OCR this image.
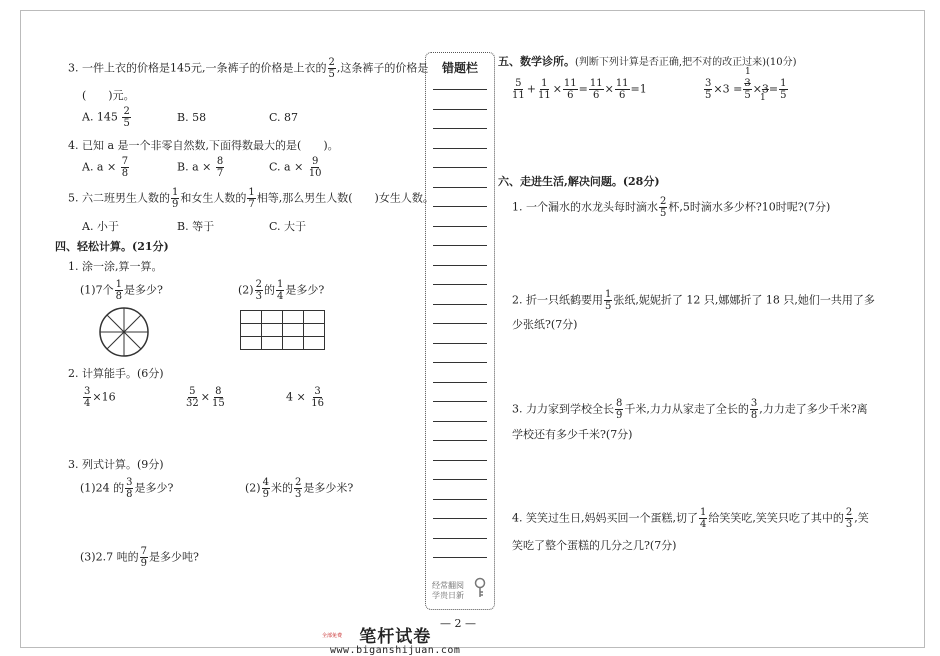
3. 一件上衣的价格是145元,一条裤子的价格是上衣的 $\frac{2}{5}$ ,这条裤子的价格是
(　　)元。
A. $145 \frac{2}{5}$	B. 58	C. 87
4. 已知 a 是一个非零自然数,下面得数最大的是(　　)。
A. $a \times \frac{7}{8}$	B. $a \times \frac{8}{7}$	C. $a \times \frac{9}{10}$
5. 六二班男生人数的 $\frac{1}{9}$ 和女生人数的 $\frac{1}{7}$ 相等,那么男生人数(　　)女生人数。
A. 小于	B. 等于	C. 大于
四、轻松计算。(21分)
1. 涂一涂,算一算。
(1)7个 $\frac{1}{8}$ 是多少?	$(2) \frac{2}{3}$ 的 $\frac{1}{4}$ 是多少?

2. 计算能手。(6分)
$\frac{3}{4} \times 16$	$\frac{5}{32} \times \frac{8}{15}$	$4 \times \frac{3}{16}$
3. 列式计算。(9分)
(1)24 的 $\frac{3}{8}$ 是多少?	$(2) \frac{4}{9}$ 米的 $\frac{2}{3}$ 是多少米?
(3)2.7 吨的 $\frac{7}{9}$ 是多少吨?
错题栏
经常翻阅
学贵日新
五、数学诊所。(判断下列计算是否正确,把不对的改正过来)(10分)
$\frac{5}{11} + \frac{1}{11} \times \frac{11}{6} = \frac{11}{6} \times \frac{11}{6} =1$	$\frac{3}{5} \times 3 = \frac{3}{5} \times 3= \frac{1}{5}$
1
1
六、走进生活,解决问题。(28分)
1. 一个漏水的水龙头每时滴水 $\frac{2}{5}$ 杯,5时滴水多少杯?10时呢?(7分)
2. 折一只纸鹤要用 $\frac{1}{5}$ 张纸,妮妮折了 12 只,娜娜折了 18 只,她们一共用了多
少张纸?(7分)
3. 力力家到学校全长 $\frac{8}{9}$ 千米,力力从家走了全长的 $\frac{3}{8}$ ,力力走了多少千米?离
学校还有多少千米?(7分)
4. 笑笑过生日,妈妈买回一个蛋糕,切了 $\frac{1}{4}$ 给笑笑吃,笑笑只吃了其中的 $\frac{2}{3}$ ,笑
笑吃了整个蛋糕的几分之几?(7分)
— 2 —
全部免费	笔杆试卷
www.biganshijuan.com
